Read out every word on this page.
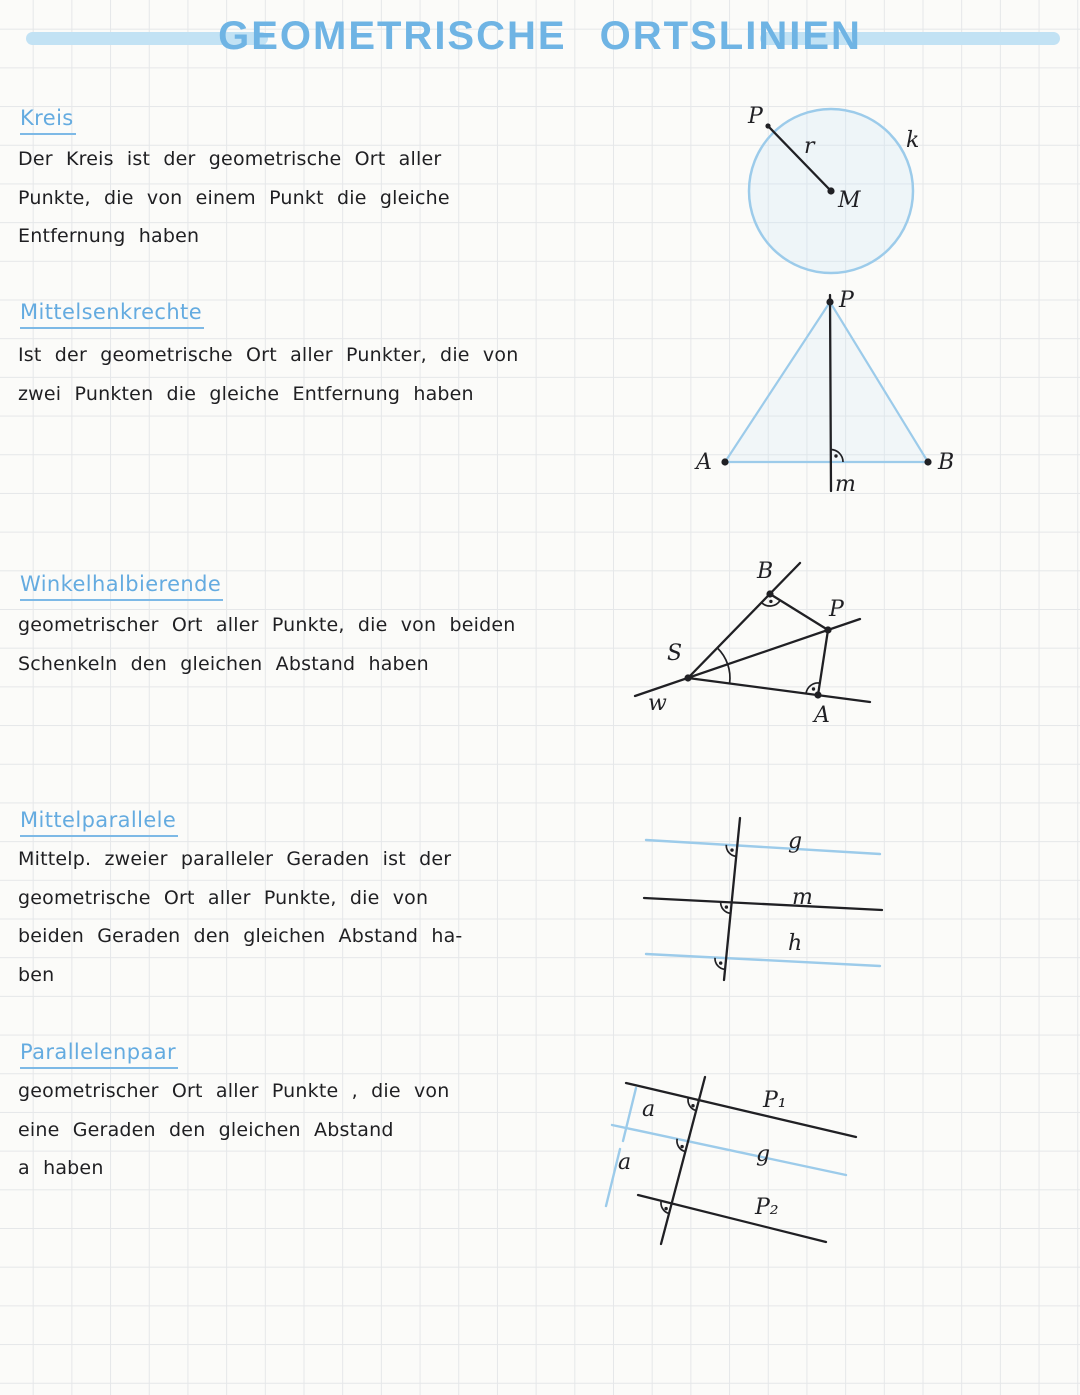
GEOMETRISCHE ORTSLINIEN
Kreis
Der Kreis ist der geometrische Ort aller
Punkte, die von einem Punkt die gleiche
Entfernung haben
P
r	k
M
Mittelsenkrechte
Ist der geometrische Ort aller Punkter, die von
zwei Punkten die gleiche Entfernung haben
P
A	B
m
Winkelhalbierende
geometrischer Ort aller Punkte, die von beiden
Schenkeln den gleichen Abstand haben	S
w
B
P
A
Mittelparallele
Mittelp. zweier paralleler Geraden ist der
geometrische Ort aller Punkte, die von
beiden Geraden den gleichen Abstand ha-
ben
g
m
h
Parallelenpaar
geometrischer Ort aller Punkte , die von
eine Geraden den gleichen Abstand
a haben
a
a
P₁
g
P₂
